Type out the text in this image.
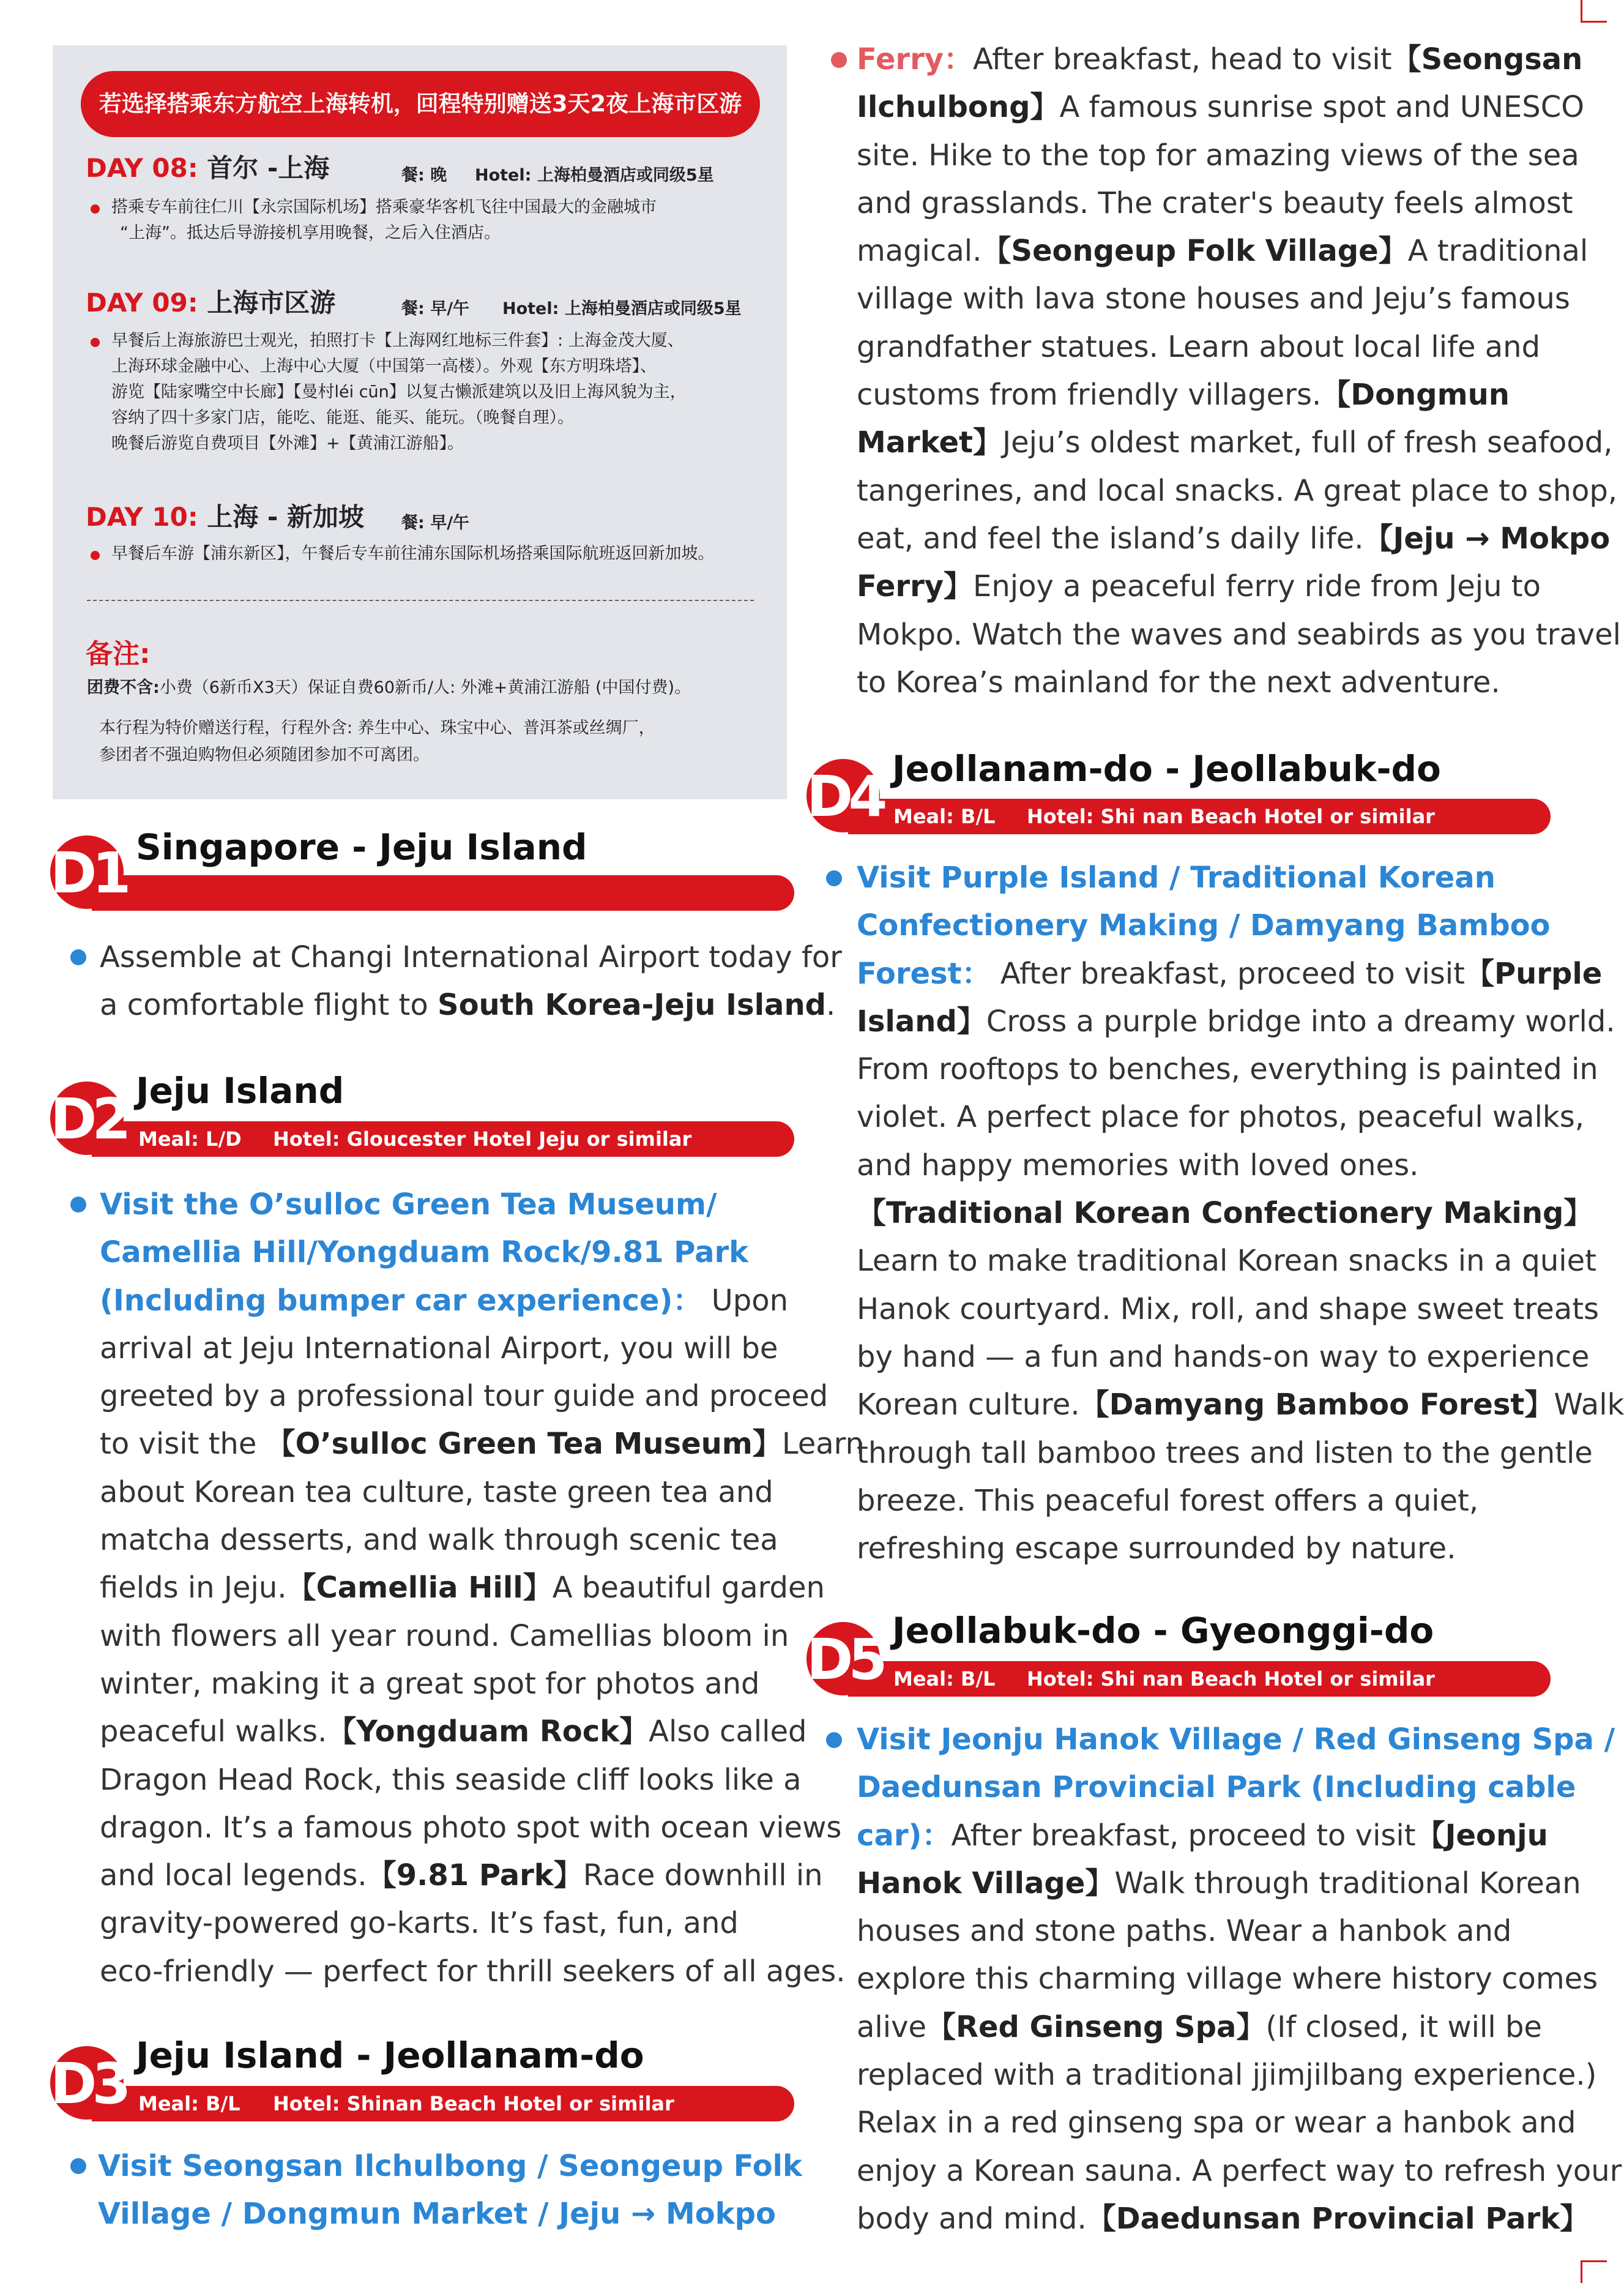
若选择搭乘东方航空上海转机，回程特别赠送3天2夜上海市区游
DAY 08: 首尔 -上海	餐: 晚 Hotel: 上海柏曼酒店或同级5星
搭乘专车前往仁川【永宗国际机场】搭乘豪华客机飞往中国最大的金融城市
“上海”。抵达后导游接机享用晚餐，之后入住酒店。
DAY 09: 上海市区游	餐: 早/午 Hotel: 上海柏曼酒店或同级5星
早餐后上海旅游巴士观光，拍照打卡【上海网红地标三件套】: 上海金茂大厦、
上海环球金融中心、上海中心大厦（中国第一高楼）。外观【东方明珠塔】、
游览【陆家嘴空中长廊】【曼村léi cūn】以复古懒派建筑以及旧上海风貌为主，
容纳了四十多家门店，能吃、能逛、能买、能玩。（晚餐自理）。
晚餐后游览自费项目【外滩】+【黄浦江游船】。
DAY 10: 上海 - 新加坡 餐: 早/午
早餐后车游【浦东新区】，午餐后专车前往浦东国际机场搭乘国际航班返回新加坡。
备注:
团费不含:小费（6新币X3天）保证自费60新币/人: 外滩+黄浦江游船 (中国付费)。
本行程为特价赠送行程，行程外含: 养生中心、珠宝中心、普洱茶或丝绸厂，
参团者不强迫购物但必须随团参加不可离团。
D1 Singapore - Jeju Island
Assemble at Changi International Airport today for
a comfortable flight to South Korea-Jeju Island.
D2 Jeju Island
Meal: L/D Hotel: Gloucester Hotel Jeju or similar
Visit the O’sulloc Green Tea Museum/
Camellia Hill/Yongduam Rock/9.81 Park
(Including bumper car experience)： Upon
arrival at Jeju International Airport, you will be
greeted by a professional tour guide and proceed
to visit the 【O’sulloc Green Tea Museum】Learn
about Korean tea culture, taste green tea and
matcha desserts, and walk through scenic tea
fields in Jeju.【Camellia Hill】A beautiful garden
with flowers all year round. Camellias bloom in
winter, making it a great spot for photos and
peaceful walks.【Yongduam Rock】Also called
Dragon Head Rock, this seaside cliff looks like a
dragon. It’s a famous photo spot with ocean views
and local legends.【9.81 Park】Race downhill in
gravity-powered go-karts. It’s fast, fun, and
eco-friendly — perfect for thrill seekers of all ages.
D3 Jeju Island - Jeollanam-do
Meal: B/L Hotel: Shinan Beach Hotel or similar
Visit Seongsan Ilchulbong / Seongeup Folk
Village / Dongmun Market / Jeju → Mokpo
Ferry：After breakfast, head to visit【Seongsan
Ilchulbong】A famous sunrise spot and UNESCO
site. Hike to the top for amazing views of the sea
and grasslands. The crater's beauty feels almost
magical.【Seongeup Folk Village】A traditional
village with lava stone houses and Jeju’s famous
grandfather statues. Learn about local life and
customs from friendly villagers.【Dongmun
Market】Jeju’s oldest market, full of fresh seafood,
tangerines, and local snacks. A great place to shop,
eat, and feel the island’s daily life.【Jeju → Mokpo
Ferry】Enjoy a peaceful ferry ride from Jeju to
Mokpo. Watch the waves and seabirds as you travel
to Korea’s mainland for the next adventure.
D4 Jeollanam-do - Jeollabuk-do
Meal: B/L Hotel: Shi nan Beach Hotel or similar
Visit Purple Island / Traditional Korean
Confectionery Making / Damyang Bamboo
Forest： After breakfast, proceed to visit【Purple
Island】Cross a purple bridge into a dreamy world.
From rooftops to benches, everything is painted in
violet. A perfect place for photos, peaceful walks,
and happy memories with loved ones.
【Traditional Korean Confectionery Making】
Learn to make traditional Korean snacks in a quiet
Hanok courtyard. Mix, roll, and shape sweet treats
by hand — a fun and hands-on way to experience
Korean culture.【Damyang Bamboo Forest】Walk
through tall bamboo trees and listen to the gentle
breeze. This peaceful forest offers a quiet,
refreshing escape surrounded by nature.
D5 Jeollabuk-do - Gyeonggi-do
Meal: B/L Hotel: Shi nan Beach Hotel or similar
Visit Jeonju Hanok Village / Red Ginseng Spa /
Daedunsan Provincial Park (Including cable
car)：After breakfast, proceed to visit【Jeonju
Hanok Village】Walk through traditional Korean
houses and stone paths. Wear a hanbok and
explore this charming village where history comes
alive【Red Ginseng Spa】(If closed, it will be
replaced with a traditional jjimjilbang experience.)
Relax in a red ginseng spa or wear a hanbok and
enjoy a Korean sauna. A perfect way to refresh your
body and mind.【Daedunsan Provincial Park】
